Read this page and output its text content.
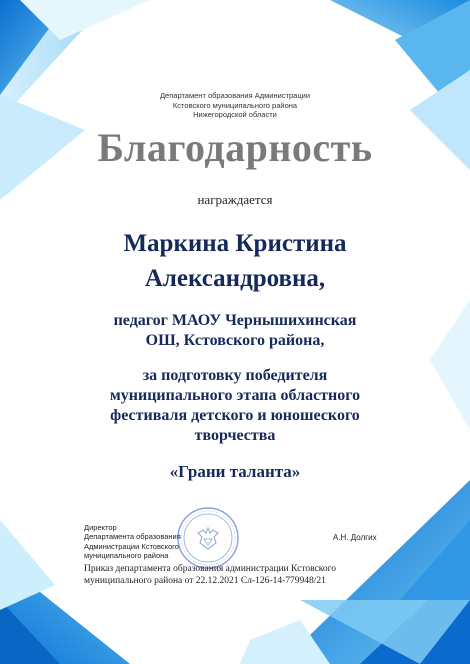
Департамент образования Администрации
Кстовского муниципального района
Нижегородской области
Благодарность
награждается
Маркина Кристина
Александровна,
педагог МАОУ Чернышихинская
ОШ, Кстовского района,
за подготовку победителя
муниципального этапа областного
фестиваля детского и юношеского
творчества
«Грани таланта»
Директор
Департамента образования
Администрации Кстовского
муниципального района
А.Н. Долгих
Приказ департамента образования администрации Кстовского
муниципального района от 22.12.2021 Сл-126-14-779948/21
